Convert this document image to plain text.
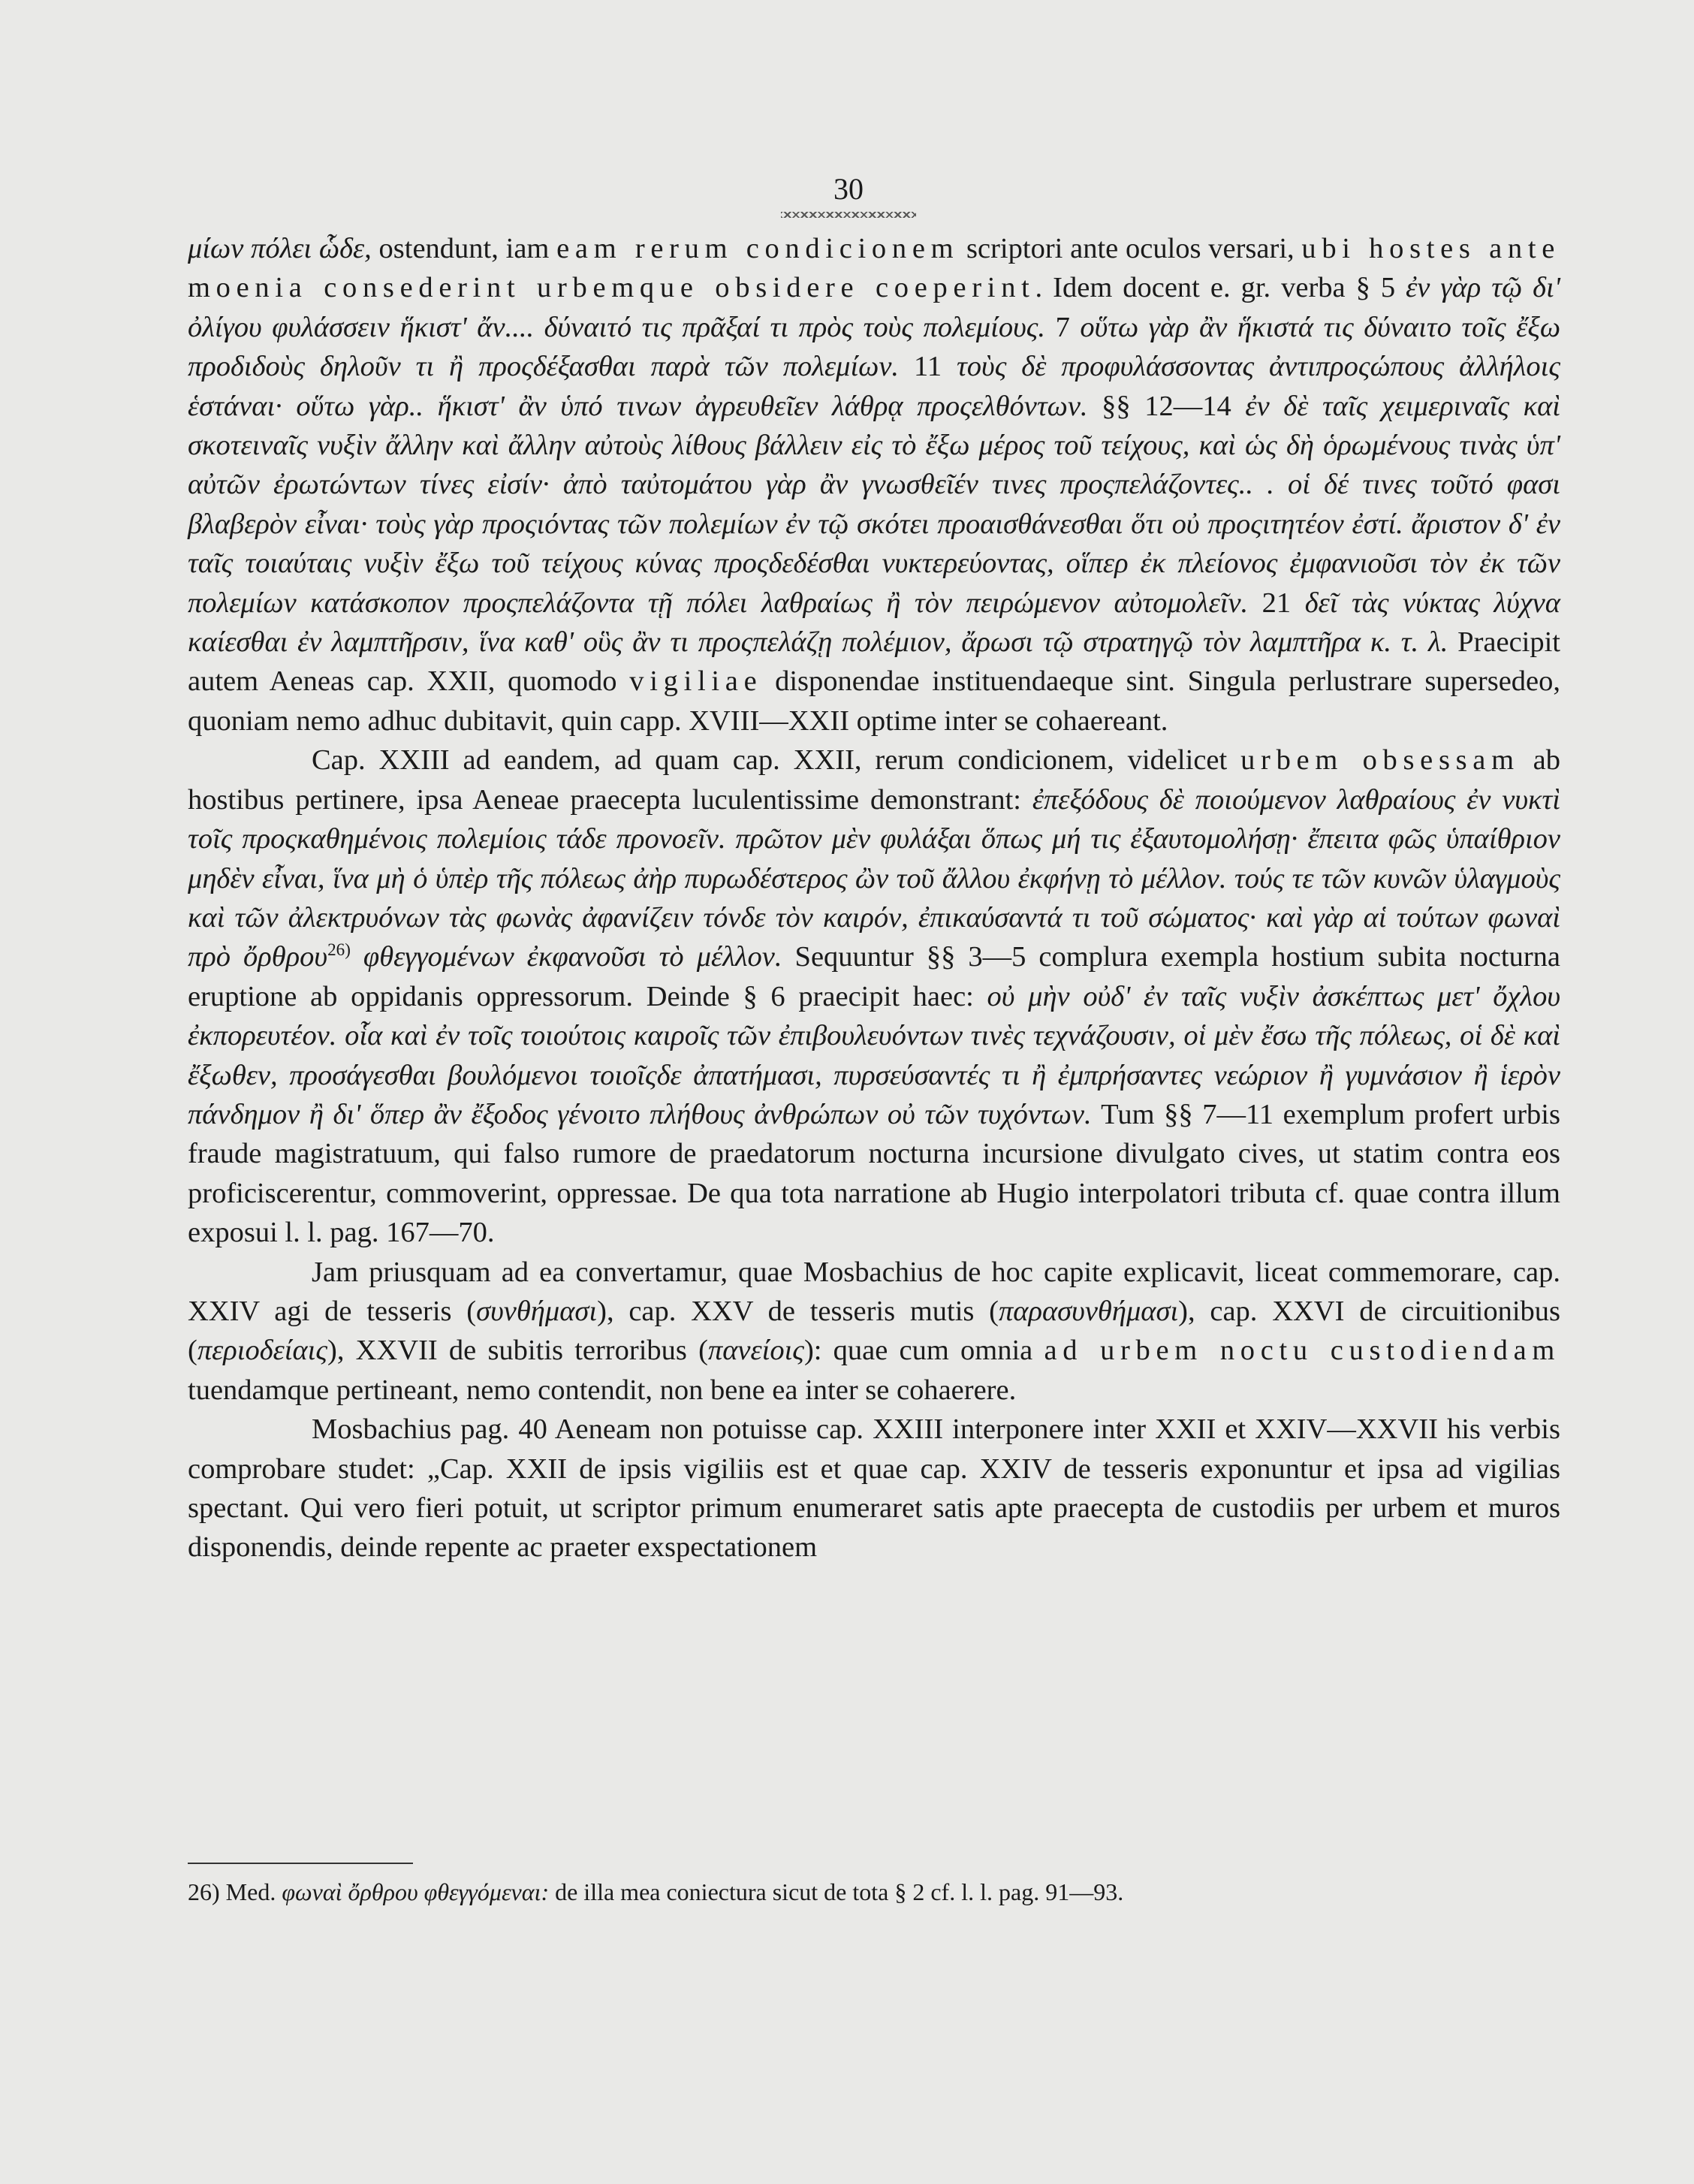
30

μίων πόλει ὧδε, ostendunt, iam eam rerum condicionem scriptori ante oculos versari, ubi hostes ante moenia consederint urbemque obsidere coeperint. Idem docent e. gr. verba § 5 ἐν γὰρ τῷ δι' ὀλίγου φυλάσσειν ἥκιστ' ἄν.... δύναιτό τις πρᾶξαί τι πρὸς τοὺς πολεμίους. 7 οὕτω γὰρ ἂν ἥκιστά τις δύναιτο τοῖς ἔξω προδιδοὺς δηλοῦν τι ἢ προςδέξασθαι παρὰ τῶν πολεμίων. 11 τοὺς δὲ προφυλάσσοντας ἀντιπροςώπους ἀλλήλοις ἑστάναι· οὕτω γὰρ.. ἥκιστ' ἂν ὑπό τινων ἀγρευθεῖεν λάθρᾳ προςελθόντων. §§ 12—14 ἐν δὲ ταῖς χειμεριναῖς καὶ σκοτειναῖς νυξὶν ἄλλην καὶ ἄλλην αὐτοὺς λίθους βάλλειν εἰς τὸ ἔξω μέρος τοῦ τείχους, καὶ ὡς δὴ ὁρωμένους τινὰς ὑπ' αὐτῶν ἐρωτώντων τίνες εἰσίν· ἀπὸ ταὐτομάτου γὰρ ἂν γνωσθεῖέν τινες προςπελάζοντες.. . οἱ δέ τινες τοῦτό φασι βλαβερὸν εἶναι· τοὺς γὰρ προςιόντας τῶν πολεμίων ἐν τῷ σκότει προαισθάνεσθαι ὅτι οὐ προςιτητέον ἐστί. ἄριστον δ' ἐν ταῖς τοιαύταις νυξὶν ἔξω τοῦ τείχους κύνας προςδεδέσθαι νυκτερεύοντας, οἵπερ ἐκ πλείονος ἐμφανιοῦσι τὸν ἐκ τῶν πολεμίων κατάσκοπον προςπελάζοντα τῇ πόλει λαθραίως ἢ τὸν πειρώμενον αὐτομολεῖν. 21 δεῖ τὰς νύκτας λύχνα καίεσθαι ἐν λαμπτῆρσιν, ἵνα καθ' οὓς ἂν τι προςπελάζῃ πολέμιον, ἄρωσι τῷ στρατηγῷ τὸν λαμπτῆρα κ. τ. λ. Praecipit autem Aeneas cap. XXII, quomodo vigiliae disponendae instituendaeque sint. Singula perlustrare supersedeo, quoniam nemo adhuc dubitavit, quin capp. XVIII—XXII optime inter se cohaereant.

Cap. XXIII ad eandem, ad quam cap. XXII, rerum condicionem, videlicet urbem obsessam ab hostibus pertinere, ipsa Aeneae praecepta luculentissime demonstrant: ἐπεξόδους δὲ ποιούμενον λαθραίους ἐν νυκτὶ τοῖς προςκαθημένοις πολεμίοις τάδε προνοεῖν. πρῶτον μὲν φυλάξαι ὅπως μή τις ἐξαυτομολήσῃ· ἔπειτα φῶς ὑπαίθριον μηδὲν εἶναι, ἵνα μὴ ὁ ὑπὲρ τῆς πόλεως ἀὴρ πυρωδέστερος ὢν τοῦ ἄλλου ἐκφήνῃ τὸ μέλλον. τούς τε τῶν κυνῶν ὑλαγμοὺς καὶ τῶν ἀλεκτρυόνων τὰς φωνὰς ἀφανίζειν τόνδε τὸν καιρόν, ἐπικαύσαντά τι τοῦ σώματος· καὶ γὰρ αἱ τούτων φωναὶ πρὸ ὄρθρου$^{26)}$ φθεγγομένων ἐκφανοῦσι τὸ μέλλον. Sequuntur §§ 3—5 complura exempla hostium subita nocturna eruptione ab oppidanis oppressorum. Deinde § 6 praecipit haec: οὐ μὴν οὐδ' ἐν ταῖς νυξὶν ἀσκέπτως μετ' ὄχλου ἐκπορευτέον. οἷα καὶ ἐν τοῖς τοιούτοις καιροῖς τῶν ἐπιβουλευόντων τινὲς τεχνάζουσιν, οἱ μὲν ἔσω τῆς πόλεως, οἱ δὲ καὶ ἔξωθεν, προσάγεσθαι βουλόμενοι τοιοῖςδε ἀπατήμασι, πυρσεύσαντές τι ἢ ἐμπρήσαντες νεώριον ἢ γυμνάσιον ἢ ἱερὸν πάνδημον ἢ δι' ὅπερ ἂν ἔξοδος γένοιτο πλήθους ἀνθρώπων οὐ τῶν τυχόντων. Tum §§ 7—11 exemplum profert urbis fraude magistratuum, qui falso rumore de praedatorum nocturna incursione divulgato cives, ut statim contra eos proficiscerentur, commoverint, oppressae. De qua tota narratione ab Hugio interpolatori tributa cf. quae contra illum exposui l. l. pag. 167—70.

Jam priusquam ad ea convertamur, quae Mosbachius de hoc capite explicavit, liceat commemorare, cap. XXIV agi de tesseris (συνθήμασι), cap. XXV de tesseris mutis (παρασυνθήμασι), cap. XXVI de circuitionibus (περιοδείαις), XXVII de subitis terroribus (πανείοις): quae cum omnia ad urbem noctu custodiendam tuendamque pertineant, nemo contendit, non bene ea inter se cohaerere.

Mosbachius pag. 40 Aeneam non potuisse cap. XXIII interponere inter XXII et XXIV—XXVII his verbis comprobare studet: „Cap. XXII de ipsis vigiliis est et quae cap. XXIV de tesseris exponuntur et ipsa ad vigilias spectant. Qui vero fieri potuit, ut scriptor primum enumeraret satis apte praecepta de custodiis per urbem et muros disponendis, deinde repente ac praeter exspectationem

26) Med. φωναὶ ὄρθρου φθεγγόμεναι: de illa mea coniectura sicut de tota § 2 cf. l. l. pag. 91—93.
